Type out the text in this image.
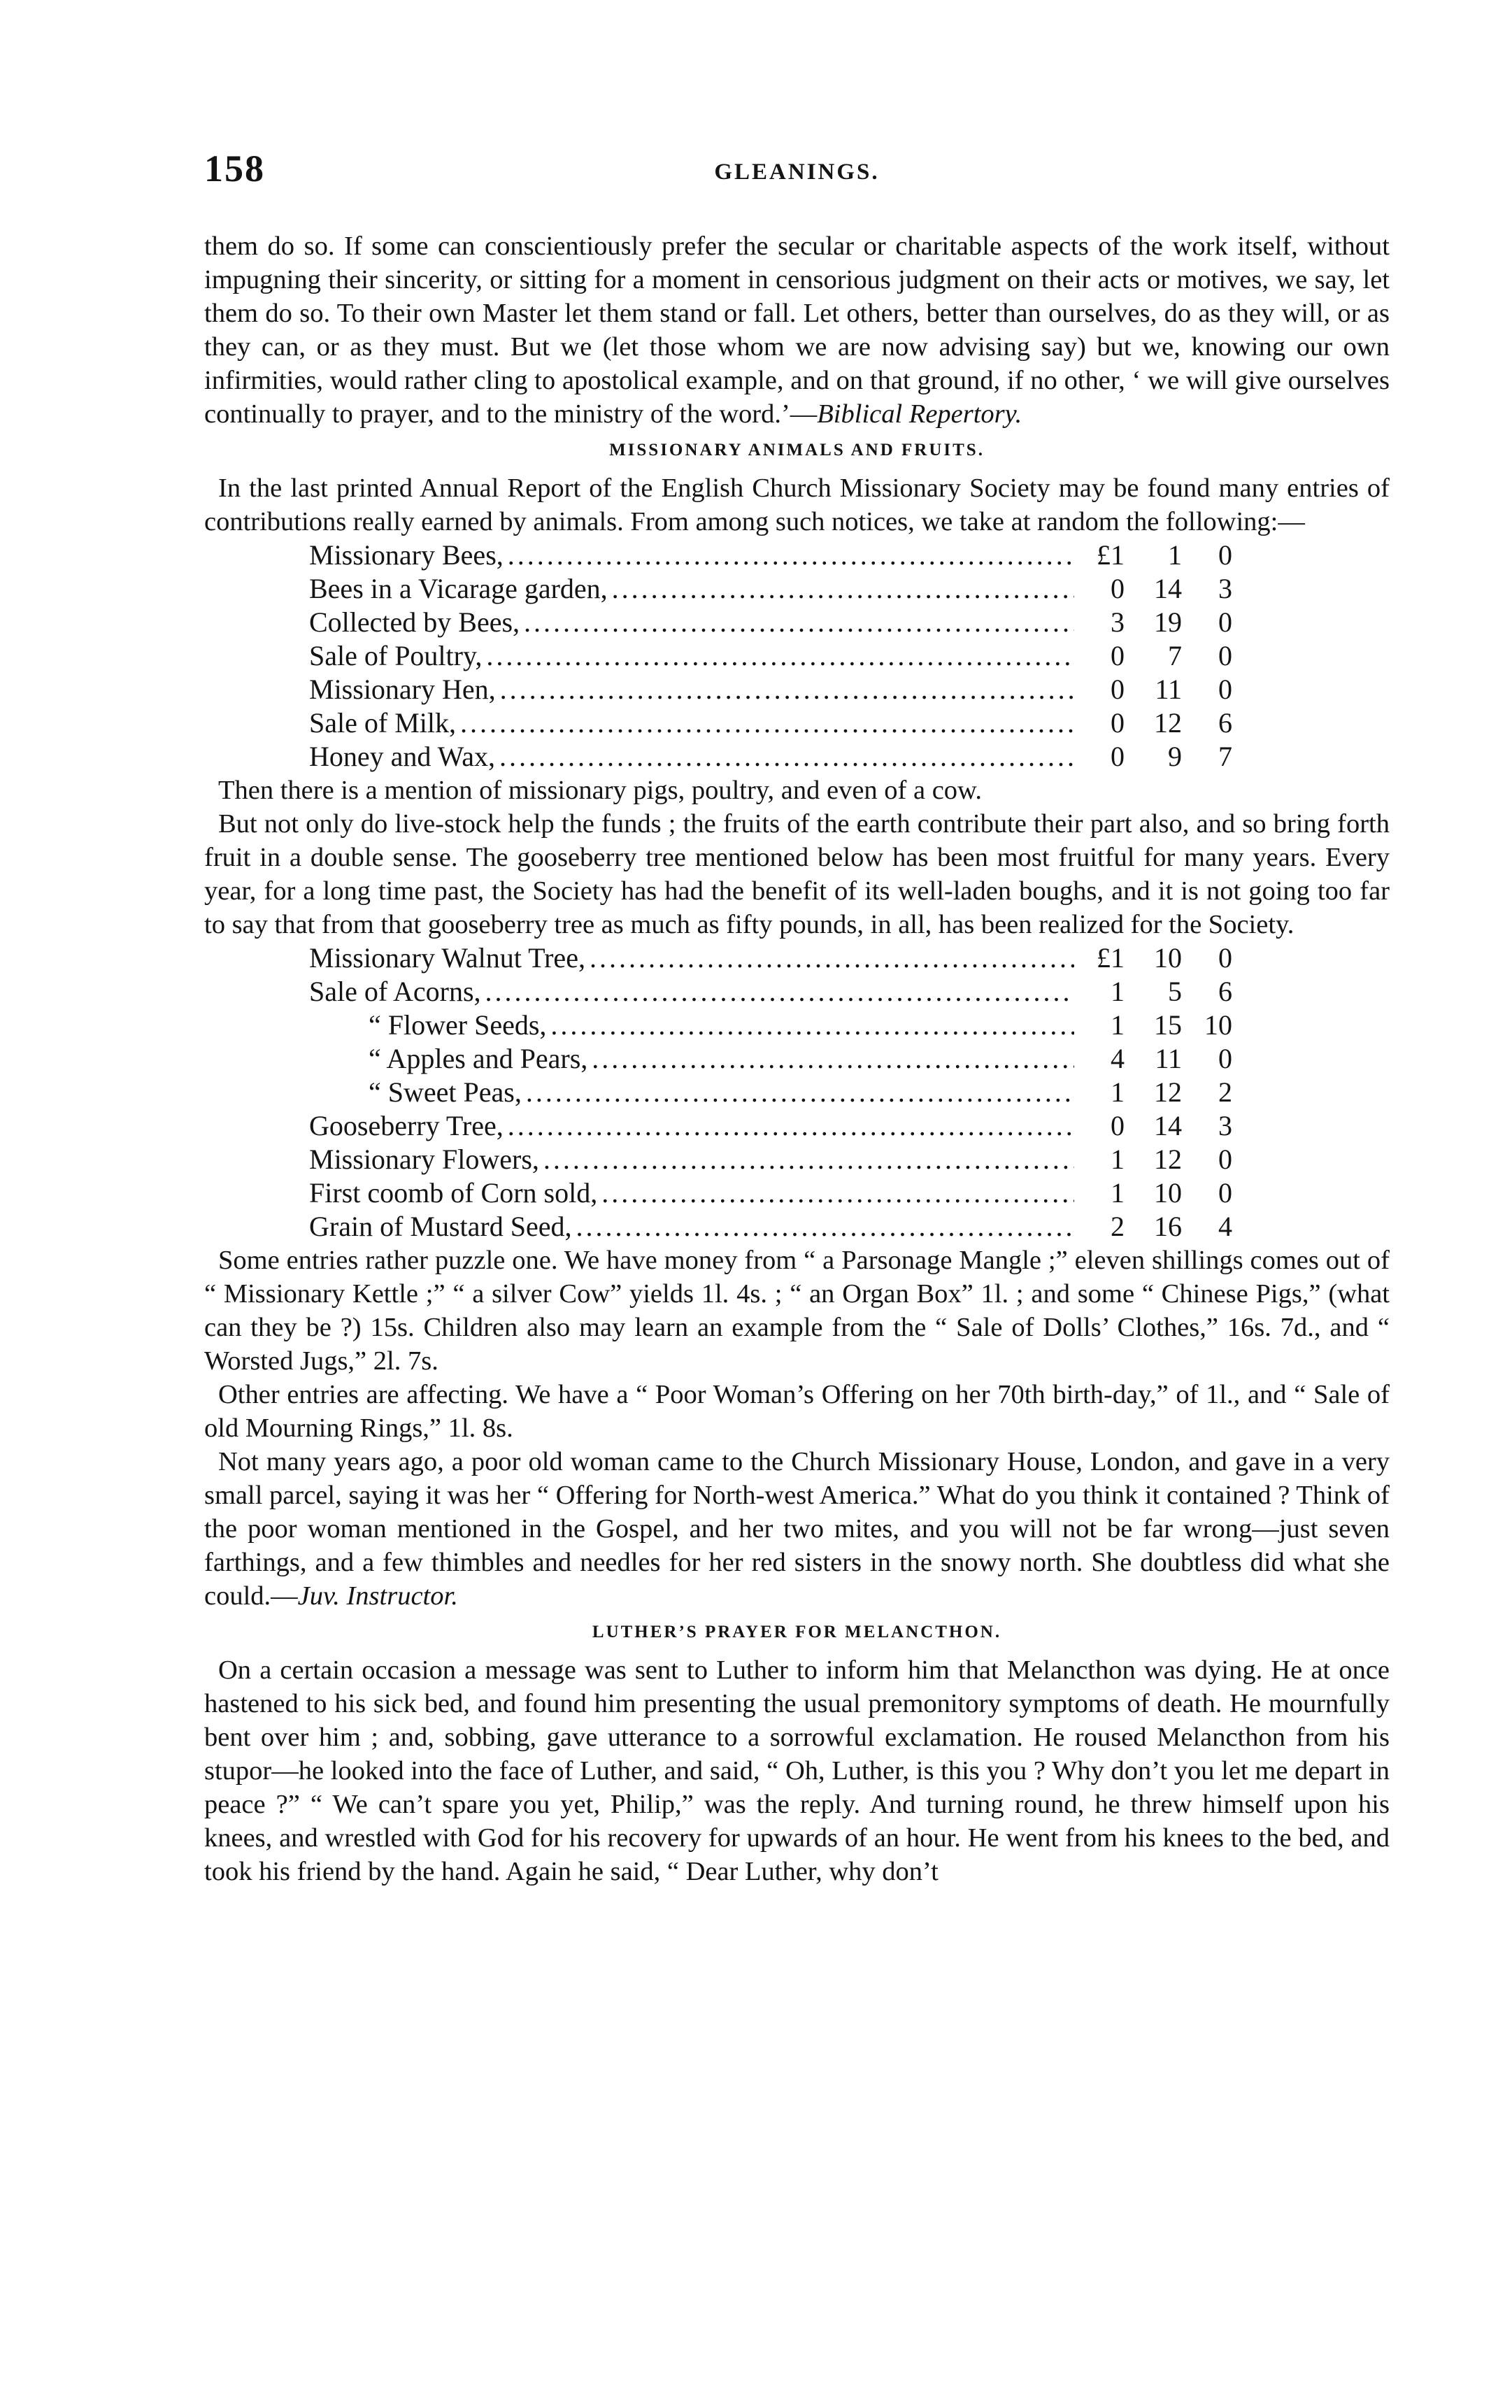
158	GLEANINGS.

them do so. If some can conscientiously prefer the secular or charitable aspects of the work itself, without impugning their sincerity, or sitting for a moment in censorious judgment on their acts or motives, we say, let them do so. To their own Master let them stand or fall. Let others, better than ourselves, do as they will, or as they can, or as they must. But we (let those whom we are now advising say) but we, knowing our own infirmities, would rather cling to apostolical example, and on that ground, if no other, ‘ we will give ourselves continually to prayer, and to the ministry of the word.’—Biblical Repertory.

MISSIONARY ANIMALS AND FRUITS.

In the last printed Annual Report of the English Church Missionary Society may be found many entries of contributions really earned by animals. From among such notices, we take at random the following:—

Missionary Bees, .....	£1	1	0
Bees in a Vicarage garden, .....	0	14	3
Collected by Bees, .....	3	19	0
Sale of Poultry, .....	0	7	0
Missionary Hen, .....	0	11	0
Sale of Milk, .....	0	12	6
Honey and Wax, .....	0	9	7

Then there is a mention of missionary pigs, poultry, and even of a cow.

But not only do live-stock help the funds ; the fruits of the earth contribute their part also, and so bring forth fruit in a double sense. The gooseberry tree mentioned below has been most fruitful for many years. Every year, for a long time past, the Society has had the benefit of its well-laden boughs, and it is not going too far to say that from that gooseberry tree as much as fifty pounds, in all, has been realized for the Society.

Missionary Walnut Tree, .....	£1	10	0
Sale of Acorns, .....	1	5	6
“ Flower Seeds, .....	1	15 10
“ Apples and Pears, .....	4	11	0
“ Sweet Peas, .....	1	12	2
Gooseberry Tree, .....	0	14	3
Missionary Flowers, .....	1	12	0
First coomb of Corn sold, .....	1	10	0
Grain of Mustard Seed, .....	2	16	4

Some entries rather puzzle one. We have money from “ a Parsonage Mangle ;” eleven shillings comes out of “ Missionary Kettle ;” “ a silver Cow” yields 1l. 4s. ; “ an Organ Box” 1l. ; and some “ Chinese Pigs,” (what can they be ?) 15s. Children also may learn an example from the “ Sale of Dolls’ Clothes,” 16s. 7d., and “ Worsted Jugs,” 2l. 7s.

Other entries are affecting. We have a “ Poor Woman’s Offering on her 70th birth-day,” of 1l., and “ Sale of old Mourning Rings,” 1l. 8s.

Not many years ago, a poor old woman came to the Church Missionary House, London, and gave in a very small parcel, saying it was her “ Offering for North-west America.” What do you think it contained ? Think of the poor woman mentioned in the Gospel, and her two mites, and you will not be far wrong—just seven farthings, and a few thimbles and needles for her red sisters in the snowy north. She doubtless did what she could.—Juv. Instructor.

LUTHER’S PRAYER FOR MELANCTHON.

On a certain occasion a message was sent to Luther to inform him that Melancthon was dying. He at once hastened to his sick bed, and found him presenting the usual premonitory symptoms of death. He mournfully bent over him ; and, sobbing, gave utterance to a sorrowful exclamation. He roused Melancthon from his stupor—he looked into the face of Luther, and said, “ Oh, Luther, is this you ? Why don’t you let me depart in peace ?” “ We can’t spare you yet, Philip,” was the reply. And turning round, he threw himself upon his knees, and wrestled with God for his recovery for upwards of an hour. He went from his knees to the bed, and took his friend by the hand. Again he said, “ Dear Luther, why don’t
